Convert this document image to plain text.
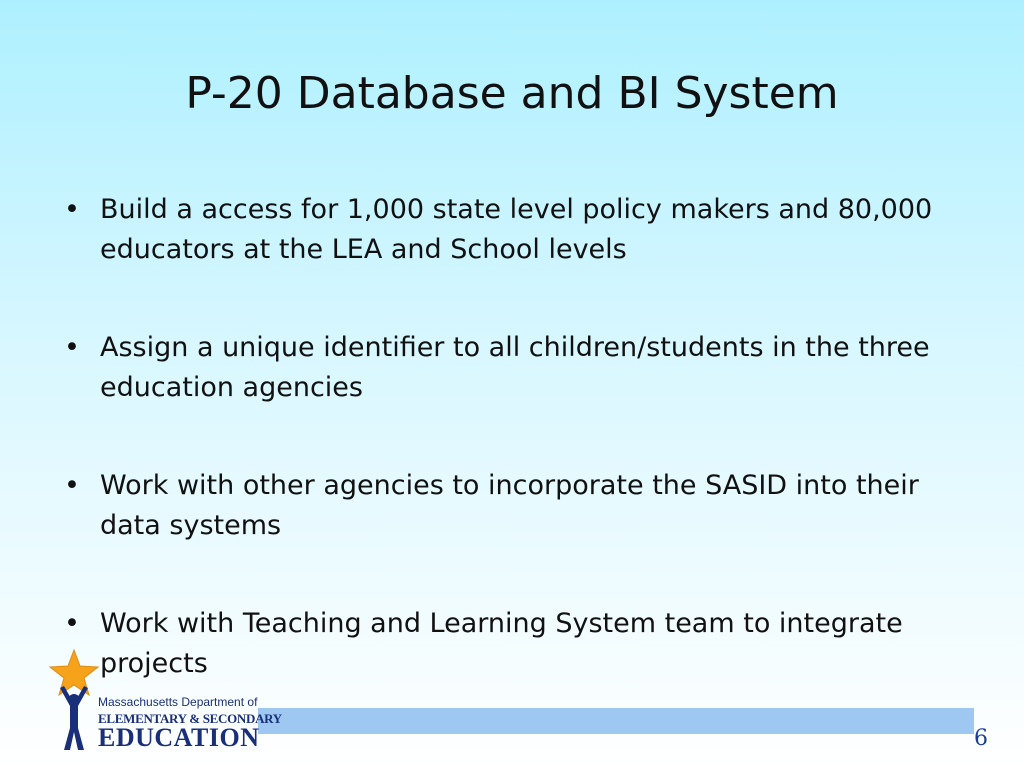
P-20 Database and BI System
• Build a access for 1,000 state level policy makers and 80,000 educators at the LEA and School levels
• Assign a unique identifier to all children/students in the three education agencies
• Work with other agencies to incorporate the SASID into their data systems
• Work with Teaching and Learning System team to integrate projects
Massachusetts Department of
ELEMENTARY & SECONDARY
EDUCATION	6
